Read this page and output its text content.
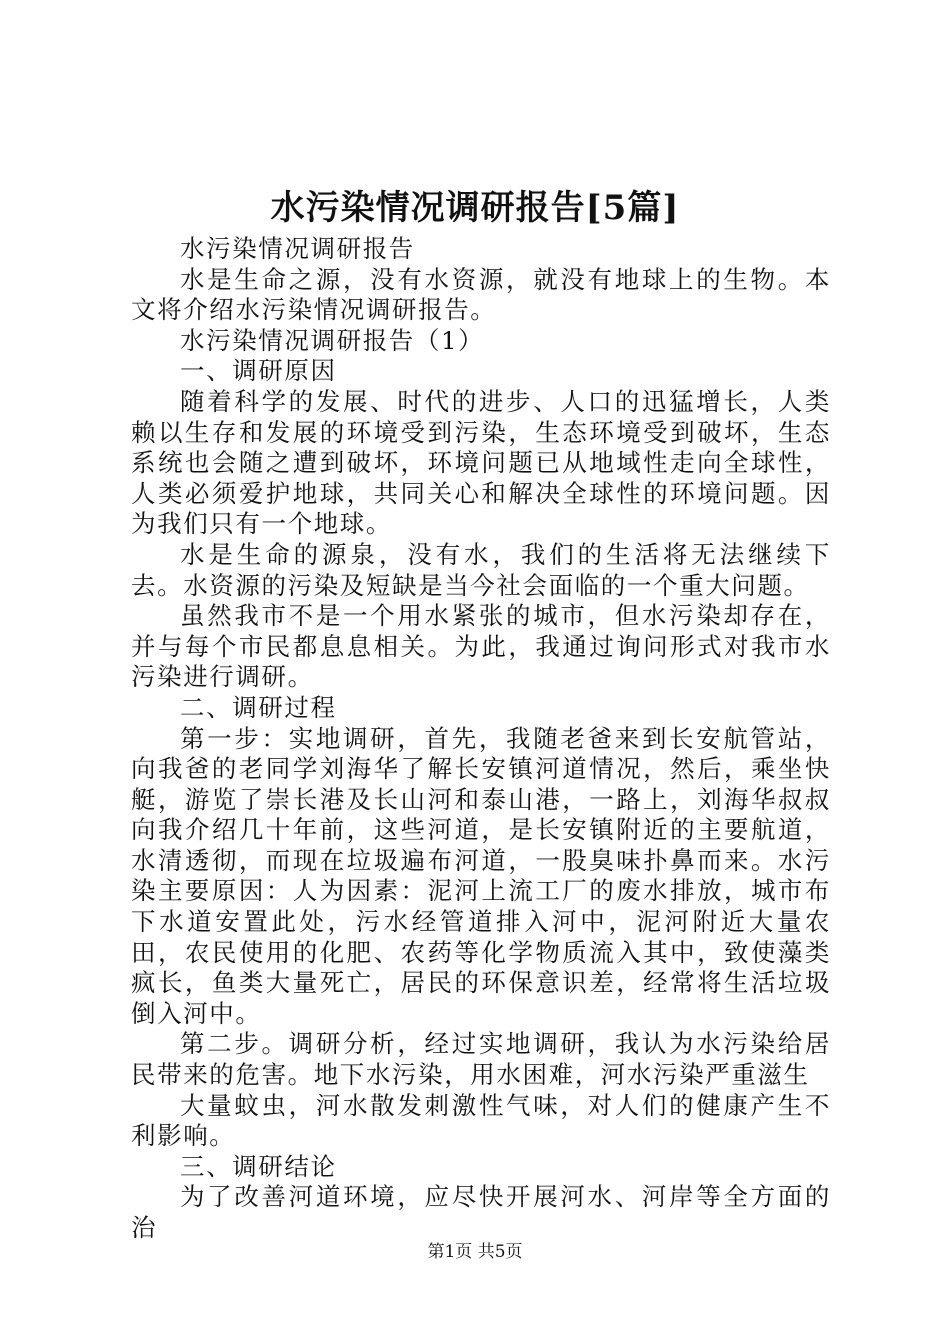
水污染情况调研报告[5篇]

水污染情况调研报告

水是生命之源，没有水资源，就没有地球上的生物。本文将介绍水污染情况调研报告。

水污染情况调研报告（1）

一、调研原因

随着科学的发展、时代的进步、人口的迅猛增长，人类赖以生存和发展的环境受到污染，生态环境受到破坏，生态系统也会随之遭到破坏，环境问题已从地域性走向全球性，人类必须爱护地球，共同关心和解决全球性的环境问题。因为我们只有一个地球。

水是生命的源泉，没有水，我们的生活将无法继续下去。水资源的污染及短缺是当今社会面临的一个重大问题。

虽然我市不是一个用水紧张的城市，但水污染却存在，并与每个市民都息息相关。为此，我通过询问形式对我市水污染进行调研。

二、调研过程

第一步：实地调研，首先，我随老爸来到长安航管站，向我爸的老同学刘海华了解长安镇河道情况，然后，乘坐快艇，游览了崇长港及长山河和泰山港，一路上，刘海华叔叔向我介绍几十年前，这些河道，是长安镇附近的主要航道，水清透彻，而现在垃圾遍布河道，一股臭味扑鼻而来。水污染主要原因：人为因素：泥河上流工厂的废水排放，城市布下水道安置此处，污水经管道排入河中，泥河附近大量农田，农民使用的化肥、农药等化学物质流入其中，致使藻类疯长，鱼类大量死亡，居民的环保意识差，经常将生活垃圾倒入河中。

第二步。调研分析，经过实地调研，我认为水污染给居民带来的危害。地下水污染，用水困难，河水污染严重滋生

大量蚊虫，河水散发刺激性气味，对人们的健康产生不利影响。

三、调研结论

为了改善河道环境，应尽快开展河水、河岸等全方面的治

第1页 共5页
